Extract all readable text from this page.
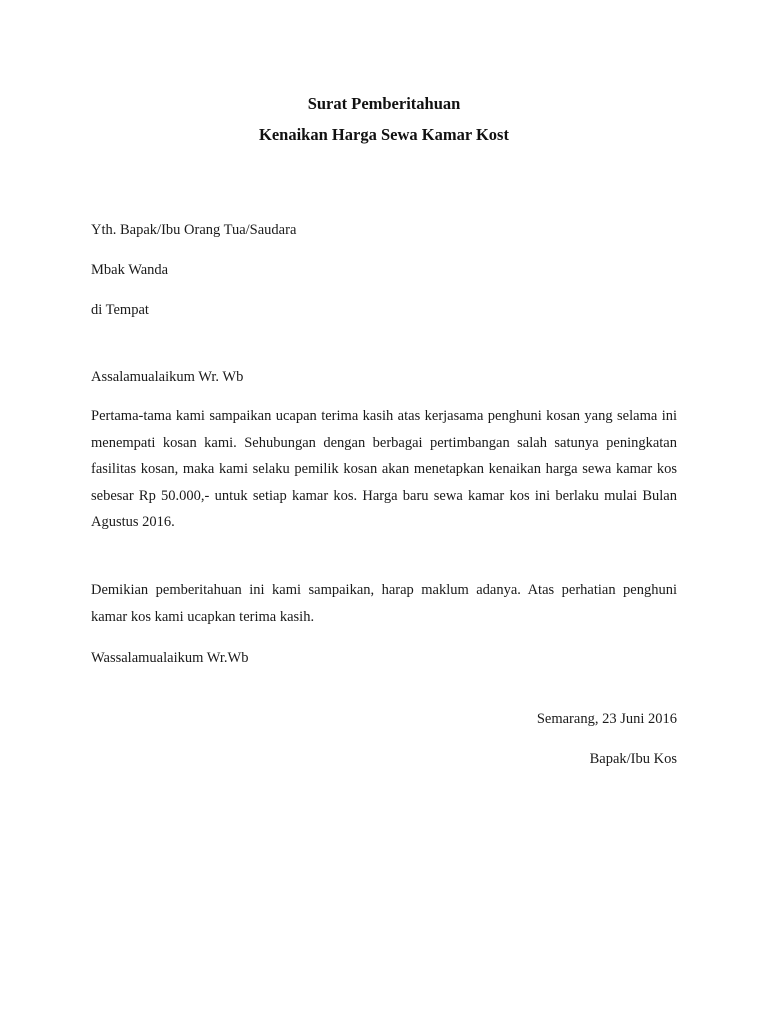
Surat Pemberitahuan
Kenaikan Harga Sewa Kamar Kost
Yth. Bapak/Ibu Orang Tua/Saudara
Mbak Wanda
di Tempat
Assalamualaikum Wr. Wb
Pertama-tama kami sampaikan ucapan terima kasih atas kerjasama penghuni kosan yang selama ini menempati kosan kami. Sehubungan dengan berbagai pertimbangan salah satunya peningkatan fasilitas kosan, maka kami selaku pemilik kosan akan menetapkan kenaikan harga sewa kamar kos sebesar Rp 50.000,- untuk setiap kamar kos. Harga baru sewa kamar kos ini berlaku mulai Bulan Agustus 2016.
Demikian pemberitahuan ini kami sampaikan, harap maklum adanya. Atas perhatian penghuni kamar kos kami ucapkan terima kasih.
Wassalamualaikum Wr.Wb
Semarang, 23 Juni 2016
Bapak/Ibu Kos
